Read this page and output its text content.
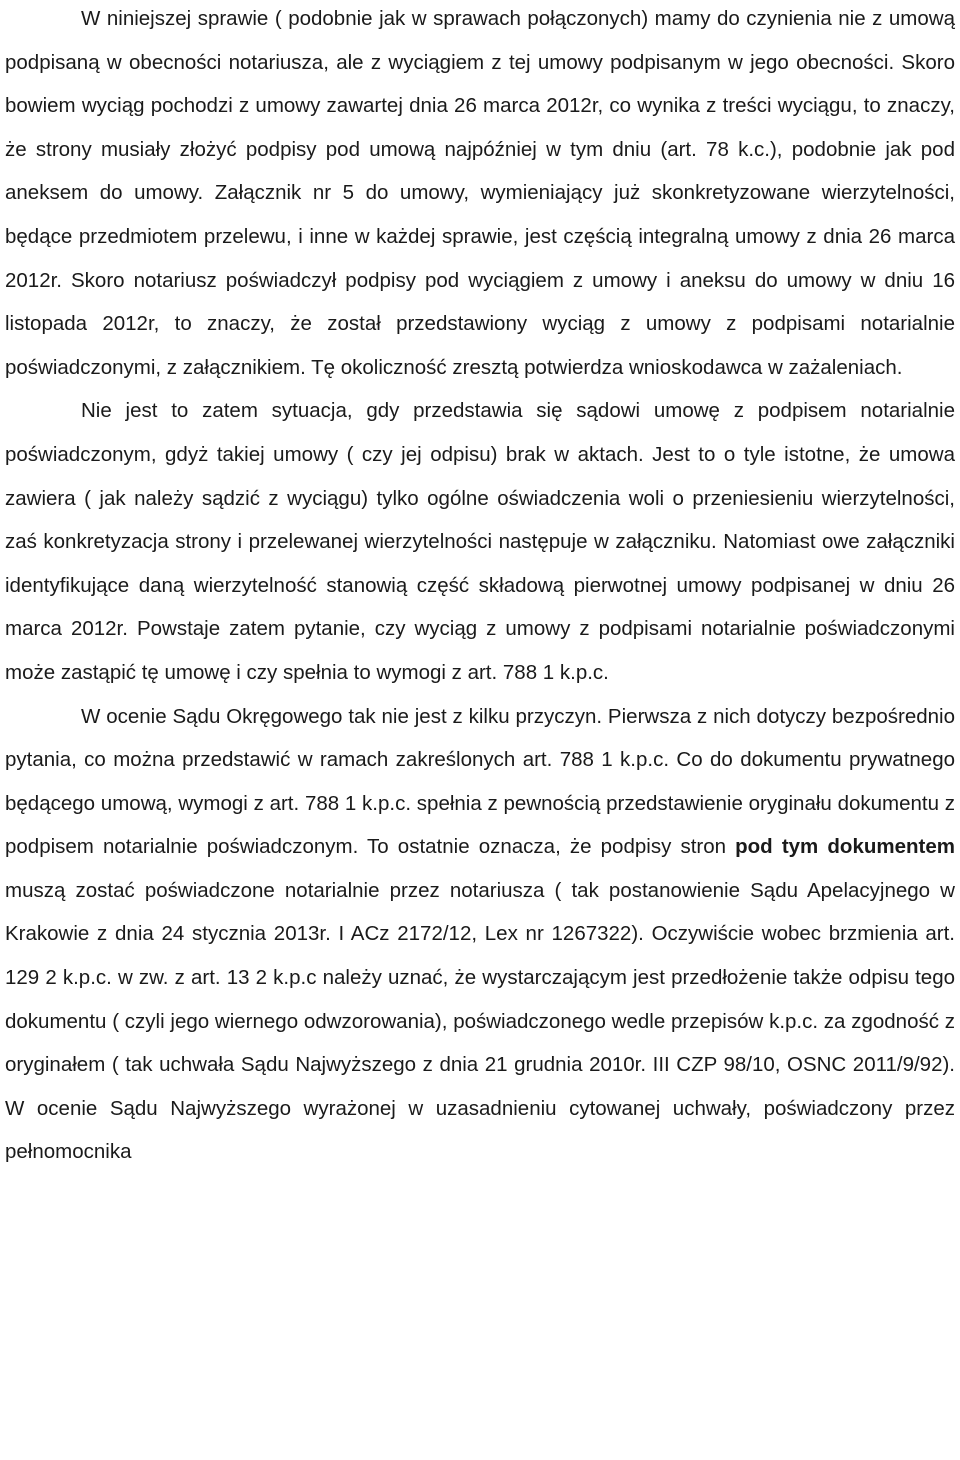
W niniejszej sprawie ( podobnie jak w sprawach połączonych) mamy do czynienia nie z umową podpisaną w obecności notariusza, ale z wyciągiem z tej umowy podpisanym w jego obecności. Skoro bowiem wyciąg pochodzi z umowy zawartej dnia 26 marca 2012r, co wynika z treści wyciągu, to znaczy, że strony musiały złożyć podpisy pod umową najpóźniej w tym dniu (art. 78 k.c.), podobnie jak pod aneksem do umowy. Załącznik nr 5 do umowy, wymieniający już skonkretyzowane wierzytelności, będące przedmiotem przelewu, i inne w każdej sprawie, jest częścią integralną umowy z dnia 26 marca 2012r. Skoro notariusz poświadczył podpisy pod wyciągiem z umowy i aneksu do umowy w dniu 16 listopada 2012r, to znaczy, że został przedstawiony wyciąg z umowy z podpisami notarialnie poświadczonymi, z załącznikiem. Tę okoliczność zresztą potwierdza wnioskodawca w zażaleniach.

Nie jest to zatem sytuacja, gdy przedstawia się sądowi umowę z podpisem notarialnie poświadczonym, gdyż takiej umowy ( czy jej odpisu) brak w aktach. Jest to o tyle istotne, że umowa zawiera ( jak należy sądzić z wyciągu) tylko ogólne oświadczenia woli o przeniesieniu wierzytelności, zaś konkretyzacja strony i przelewanej wierzytelności następuje w załączniku. Natomiast owe załączniki identyfikujące daną wierzytelność stanowią część składową pierwotnej umowy podpisanej w dniu 26 marca 2012r. Powstaje zatem pytanie, czy wyciąg z umowy z podpisami notarialnie poświadczonymi może zastąpić tę umowę i czy spełnia to wymogi z art. 788 1 k.p.c.

W ocenie Sądu Okręgowego tak nie jest z kilku przyczyn. Pierwsza z nich dotyczy bezpośrednio pytania, co można przedstawić w ramach zakreślonych art. 788 1 k.p.c. Co do dokumentu prywatnego będącego umową, wymogi z art. 788 1 k.p.c. spełnia z pewnością przedstawienie oryginału dokumentu z podpisem notarialnie poświadczonym. To ostatnie oznacza, że podpisy stron pod tym dokumentem muszą zostać poświadczone notarialnie przez notariusza ( tak postanowienie Sądu Apelacyjnego w Krakowie z dnia 24 stycznia 2013r. I ACz 2172/12, Lex nr 1267322). Oczywiście wobec brzmienia art. 129 2 k.p.c. w zw. z art. 13 2 k.p.c należy uznać, że wystarczającym jest przedłożenie także odpisu tego dokumentu ( czyli jego wiernego odwzorowania), poświadczonego wedle przepisów k.p.c. za zgodność z oryginałem ( tak uchwała Sądu Najwyższego z dnia 21 grudnia 2010r. III CZP 98/10, OSNC 2011/9/92). W ocenie Sądu Najwyższego wyrażonej w uzasadnieniu cytowanej uchwały, poświadczony przez pełnomocnika
